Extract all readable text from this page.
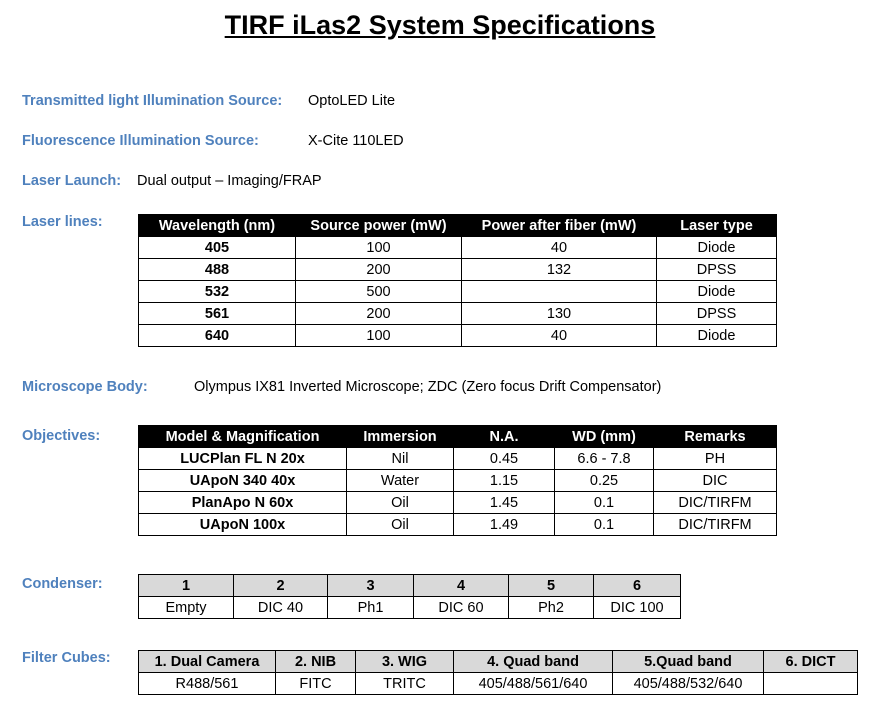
TIRF iLas2 System Specifications
Transmitted light Illumination Source: OptoLED Lite
Fluorescence Illumination Source:	X-Cite 110LED
Laser Launch: Dual output – Imaging/FRAP
Laser lines:	Wavelength (nm)	Source power (mW)	Power after fiber (mW)	Laser type
405	100	40	Diode
488	200	132	DPSS
532	500		Diode
561	200	130	DPSS
640	100	40	Diode
Microscope Body:	Olympus IX81 Inverted Microscope; ZDC (Zero focus Drift Compensator)
Objectives:	Model & Magnification	Immersion	N.A.	WD (mm)	Remarks
LUCPlan FL N 20x	Nil	0.45	6.6 - 7.8	PH
UApoN 340 40x	Water	1.15	0.25	DIC
PlanApo N 60x	Oil	1.45	0.1	DIC/TIRFM
UApoN 100x	Oil	1.49	0.1	DIC/TIRFM
Condenser:	1	2	3	4	5	6
Empty	DIC 40	Ph1	DIC 60	Ph2	DIC 100
Filter Cubes:	1. Dual Camera	2. NIB	3. WIG	4. Quad band	5.Quad band	6. DICT
R488/561	FITC	TRITC	405/488/561/640	405/488/532/640	
